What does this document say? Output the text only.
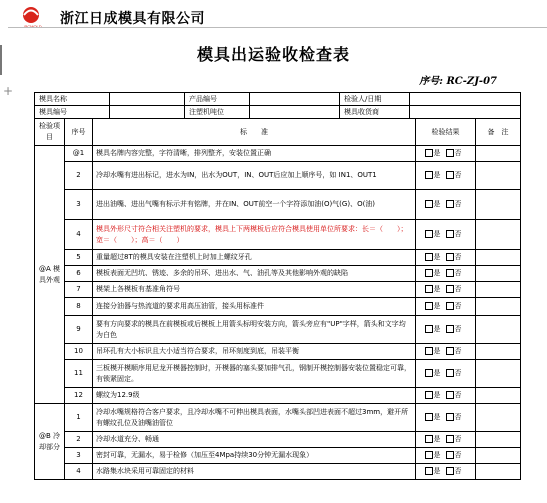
RCMOLD 浙江日成模具有限公司
模具出运验收检查表
序号: RC-ZJ-07
+
模具名称		产品编号		检验人/日期	
模具编号		注塑机吨位		模具收货商	
检验项目	序号	标　　准	检验结果	备　注
@A 模具外观	@1	模具名牌内容完整，字符清晰，排列整齐，安装位置正确	是 否	
	2	冷却水嘴有进出标记，进水为IN，出水为OUT，IN、OUT后应加上顺序号，如 IN1、OUT1	是 否	
	3	进出油嘴、进出气嘴有标示并有铭牌，并在IN、OUT前空一个字符添加油(O)气(G)、O(油)	是 否	
	4	模具外形尺寸符合相关注塑机的要求，模具上下两模板后应符合模具使用单位所要求：长＝（　　）；宽＝（　　）；高＝（　　）	是 否	
	5	重量超过8T的模具安装在注塑机上时加上螺纹牙孔	是 否	
	6	模板表面无凹坑、锈迹、多余的吊环、进出水、气、油孔等及其他影响外观的缺陷	是 否	
	7	模架上各模板有基准角符号	是 否	
	8	连接分油器与热流道的要求用高压油管，接头用标准件	是 否	
	9	要有方向要求的模具在前模板或后模板上用箭头标明安装方向，箭头旁应有"UP"字样，箭头和文字均为白色	是 否	
	10	吊环孔有大小标识且大小适当符合要求，吊环刻度到底，吊装平衡	是 否	
	11	三板模开模顺序用尼龙开模器控制时，开模器的塞头要加排气孔，钢制开模控制器安装位置稳定可靠，有锁紧固定。	是 否	
	12	螺纹为12.9级	是 否	
@B 冷却部分	1	冷却水嘴规格符合客户要求，且冷却水嘴不可伸出模具表面，水嘴头部凹进表面不超过3mm，避开所有螺纹孔位及油嘴油管位	是 否	
	2	冷却水道充分、畅通	是 否	
	3	密封可靠，无漏水，易于检修（加压至4Mpa持续30分钟无漏水现象）	是 否	
	4	水路集水块采用可靠固定的材料	是 否	
